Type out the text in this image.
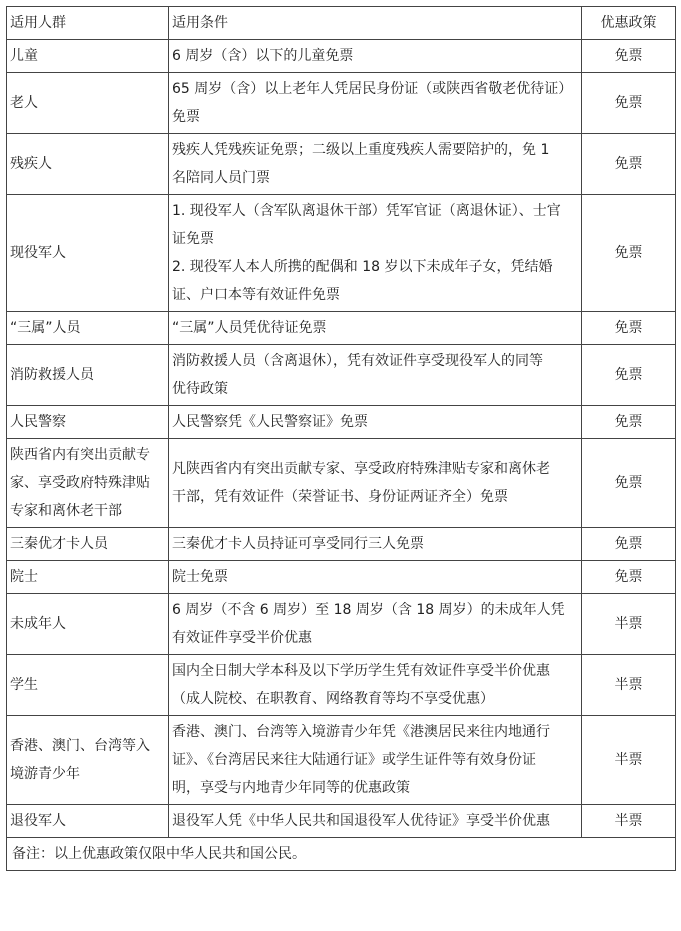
适用人群	适用条件	优惠政策

儿童	6 周岁（含）以下的儿童免票	免票

老人	65 周岁（含）以上老年人凭居民身份证（或陕西省敬老优待证）
免票	免票

残疾人	残疾人凭残疾证免票；二级以上重度残疾人需要陪护的，免 1
名陪同人员门票	免票

现役军人	1. 现役军人（含军队离退休干部）凭军官证（离退休证）、士官
证免票
2. 现役军人本人所携的配偶和 18 岁以下未成年子女，凭结婚
证、户口本等有效证件免票	免票

“三属”人员	“三属”人员凭优待证免票	免票

消防救援人员	消防救援人员（含离退休），凭有效证件享受现役军人的同等
优待政策	免票

人民警察	人民警察凭《人民警察证》免票	免票

陕西省内有突出贡献专
家、享受政府特殊津贴
专家和离休老干部	凡陕西省内有突出贡献专家、享受政府特殊津贴专家和离休老
干部，凭有效证件（荣誉证书、身份证两证齐全）免票	免票

三秦优才卡人员	三秦优才卡人员持证可享受同行三人免票	免票

院士	院士免票	免票

未成年人	6 周岁（不含 6 周岁）至 18 周岁（含 18 周岁）的未成年人凭
有效证件享受半价优惠	半票

学生	国内全日制大学本科及以下学历学生凭有效证件享受半价优惠
（成人院校、在职教育、网络教育等均不享受优惠）	半票

香港、澳门、台湾等入
境游青少年	香港、澳门、台湾等入境游青少年凭《港澳居民来往内地通行
证》、《台湾居民来往大陆通行证》或学生证件等有效身份证
明，享受与内地青少年同等的优惠政策	半票

退役军人	退役军人凭《中华人民共和国退役军人优待证》享受半价优惠	半票
备注：以上优惠政策仅限中华人民共和国公民。		
